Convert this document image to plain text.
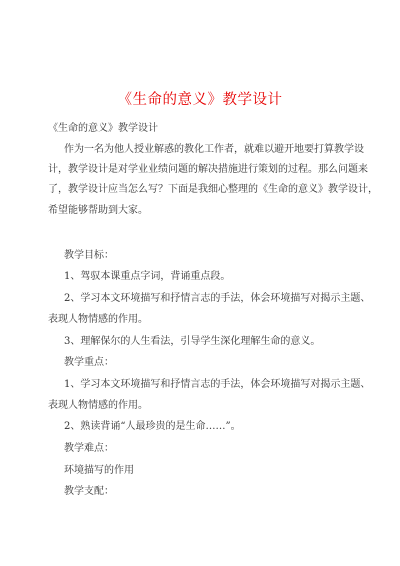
《生命的意义》教学设计
《生命的意义》教学设计
作为一名为他人授业解惑的教化工作者，就难以避开地要打算教学设
计，教学设计是对学业业绩问题的解决措施进行策划的过程。那么问题来
了，教学设计应当怎么写？下面是我细心整理的《生命的意义》教学设计，
希望能够帮助到大家。
教学目标：
1、驾驭本课重点字词，背诵重点段。
2、学习本文环境描写和抒情言志的手法，体会环境描写对揭示主题、
表现人物情感的作用。
3、理解保尔的人生看法，引导学生深化理解生命的意义。
教学重点：
1、学习本文环境描写和抒情言志的手法，体会环境描写对揭示主题、
表现人物情感的作用。
2、熟读背诵“人最珍贵的是生命……”。
教学难点：
环境描写的作用
教学支配：
